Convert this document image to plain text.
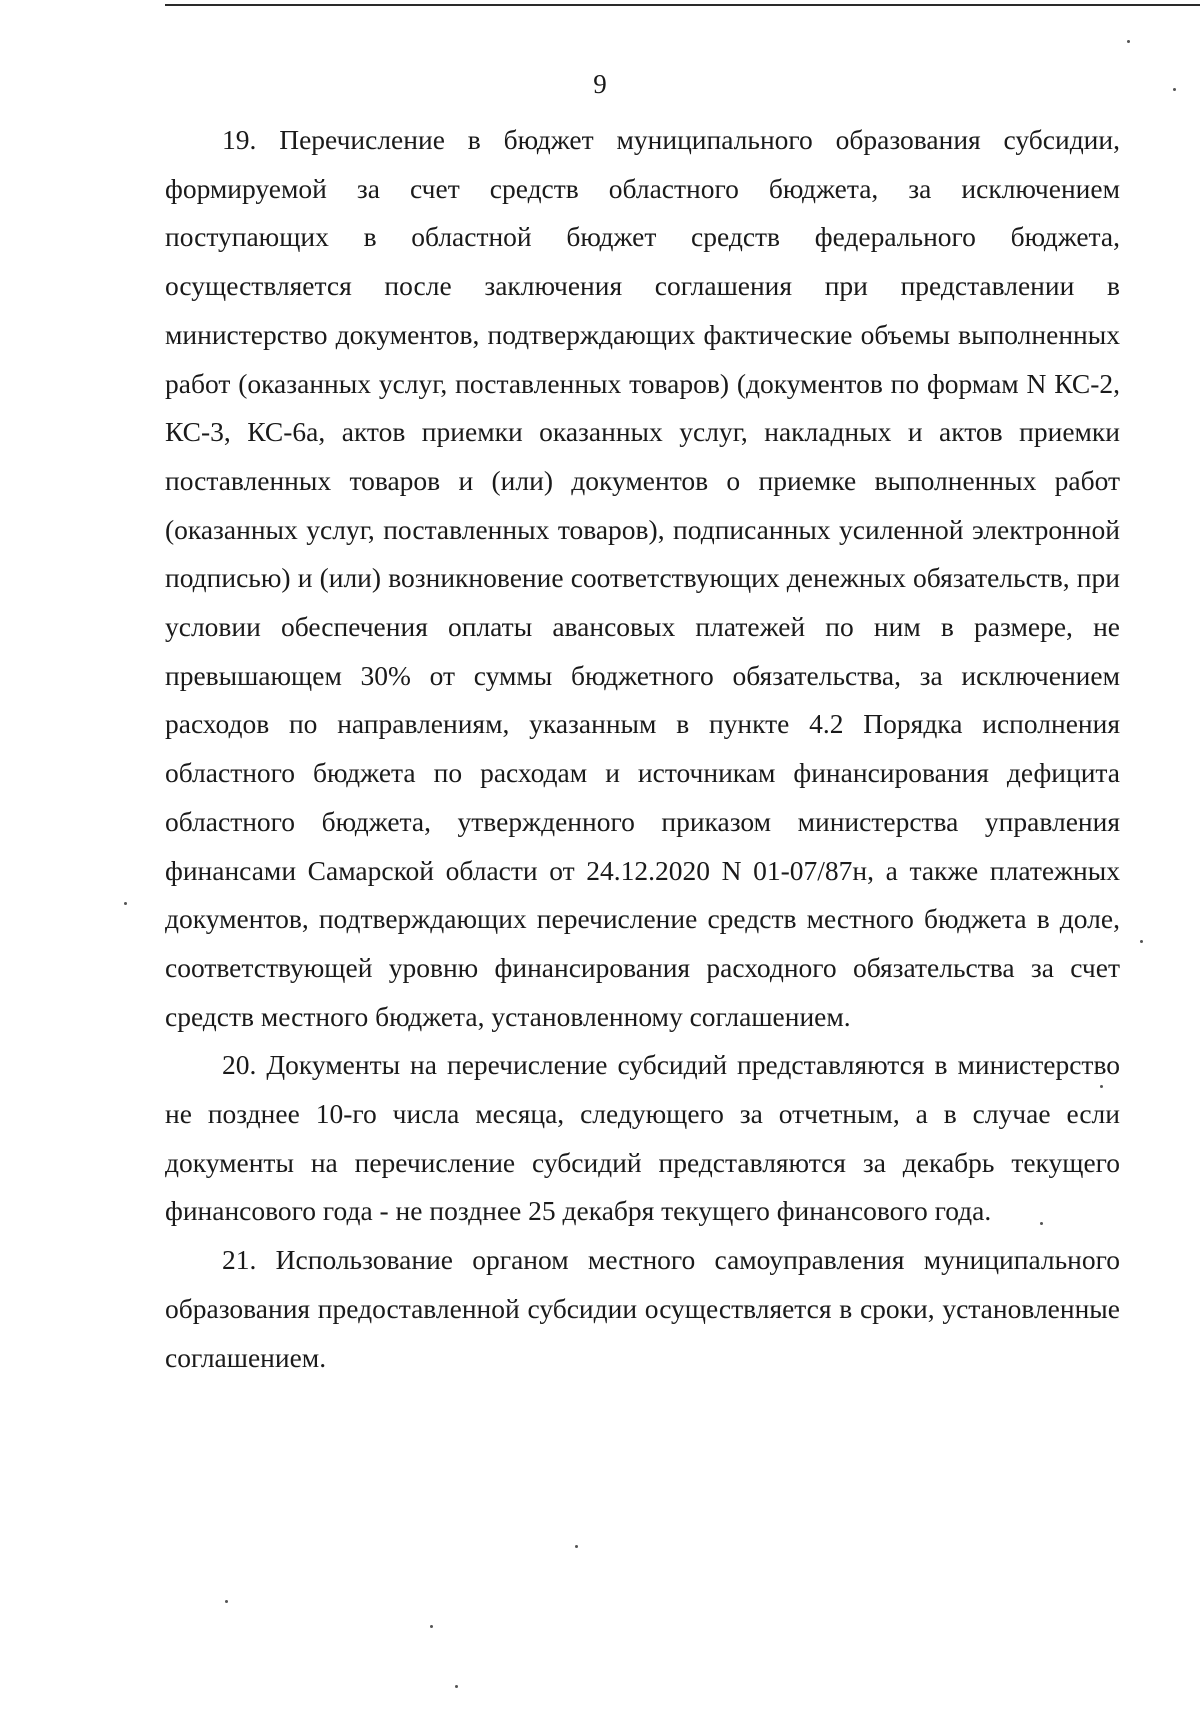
9

19. Перечисление в бюджет муниципального образования субсидии, формируемой за счет средств областного бюджета, за исключением поступающих в областной бюджет средств федерального бюджета, осуществляется после заключения соглашения при представлении в министерство документов, подтверждающих фактические объемы выполненных работ (оказанных услуг, поставленных товаров) (документов по формам N КС-2, КС-3, КС-6а, актов приемки оказанных услуг, накладных и актов приемки поставленных товаров и (или) документов о приемке выполненных работ (оказанных услуг, поставленных товаров), подписанных усиленной электронной подписью) и (или) возникновение соответствующих денежных обязательств, при условии обеспечения оплаты авансовых платежей по ним в размере, не превышающем 30% от суммы бюджетного обязательства, за исключением расходов по направлениям, указанным в пункте 4.2 Порядка исполнения областного бюджета по расходам и источникам финансирования дефицита областного бюджета, утвержденного приказом министерства управления финансами Самарской области от 24.12.2020 N 01-07/87н, а также платежных документов, подтверждающих перечисление средств местного бюджета в доле, соответствующей уровню финансирования расходного обязательства за счет средств местного бюджета, установленному соглашением.

20. Документы на перечисление субсидий представляются в министерство не позднее 10-го числа месяца, следующего за отчетным, а в случае если документы на перечисление субсидий представляются за декабрь текущего финансового года - не позднее 25 декабря текущего финансового года.

21. Использование органом местного самоуправления муниципального образования предоставленной субсидии осуществляется в сроки, установленные соглашением.
